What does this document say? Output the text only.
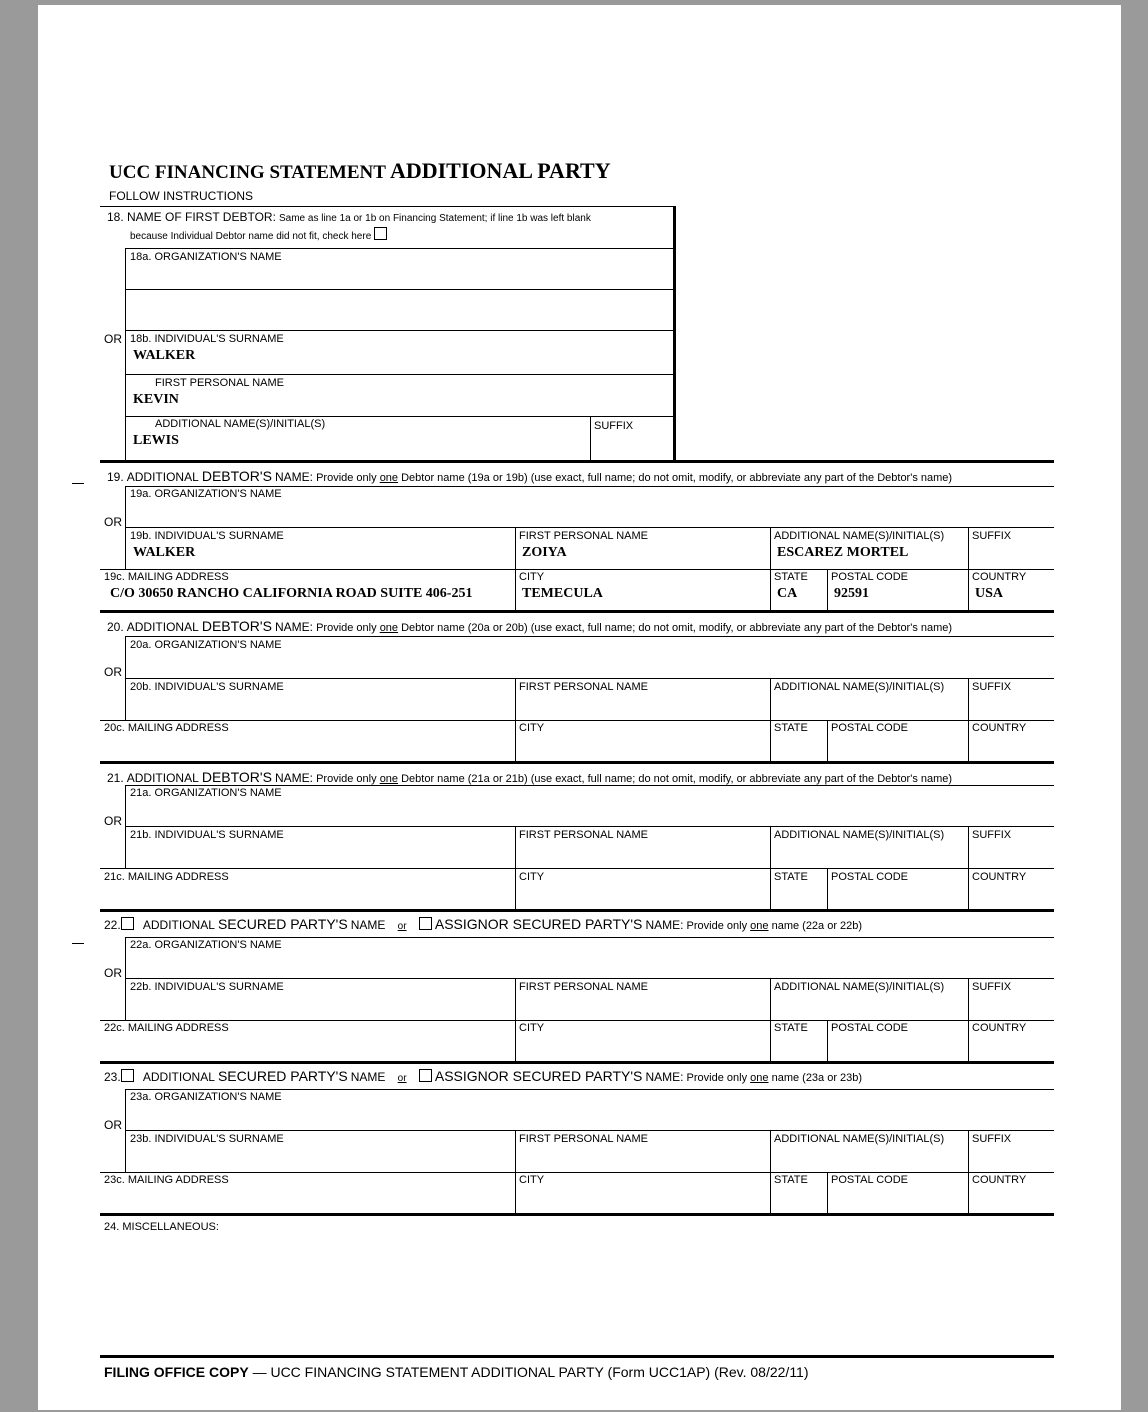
UCC FINANCING STATEMENT ADDITIONAL PARTY
FOLLOW INSTRUCTIONS
18. NAME OF FIRST DEBTOR: Same as line 1a or 1b on Financing Statement; if line 1b was left blank
because Individual Debtor name did not fit, check here
18a. ORGANIZATION'S NAME
OR 18b. INDIVIDUAL'S SURNAME
WALKER
FIRST PERSONAL NAME
KEVIN
ADDITIONAL NAME(S)/INITIAL(S)
LEWIS
SUFFIX
19. ADDITIONAL DEBTOR'S NAME: Provide only one Debtor name (19a or 19b) (use exact, full name; do not omit, modify, or abbreviate any part of the Debtor's name)
19a. ORGANIZATION'S NAME
OR
19b. INDIVIDUAL'S SURNAME	FIRST PERSONAL NAME	ADDITIONAL NAME(S)/INITIAL(S)	SUFFIX
WALKER	ZOIYA	ESCAREZ MORTEL
19c. MAILING ADDRESS	CITY	STATE POSTAL CODE	COUNTRY
C/O 30650 RANCHO CALIFORNIA ROAD SUITE 406-251	TEMECULA	CA	92591	USA
20. ADDITIONAL DEBTOR'S NAME: Provide only one Debtor name (20a or 20b) (use exact, full name; do not omit, modify, or abbreviate any part of the Debtor's name)
20a. ORGANIZATION'S NAME
OR
20b. INDIVIDUAL'S SURNAME	FIRST PERSONAL NAME	ADDITIONAL NAME(S)/INITIAL(S)	SUFFIX
20c. MAILING ADDRESS	CITY	STATE POSTAL CODE	COUNTRY
21. ADDITIONAL DEBTOR'S NAME: Provide only one Debtor name (21a or 21b) (use exact, full name; do not omit, modify, or abbreviate any part of the Debtor's name)
21a. ORGANIZATION'S NAME
OR
21b. INDIVIDUAL'S SURNAME	FIRST PERSONAL NAME	ADDITIONAL NAME(S)/INITIAL(S)	SUFFIX
21c. MAILING ADDRESS	CITY	STATE POSTAL CODE	COUNTRY
22. ADDITIONAL SECURED PARTY'S NAME or ASSIGNOR SECURED PARTY'S NAME: Provide only one name (22a or 22b)
22a. ORGANIZATION'S NAME
OR
22b. INDIVIDUAL'S SURNAME	FIRST PERSONAL NAME	ADDITIONAL NAME(S)/INITIAL(S)	SUFFIX
22c. MAILING ADDRESS	CITY	STATE POSTAL CODE	COUNTRY
23. ADDITIONAL SECURED PARTY'S NAME or ASSIGNOR SECURED PARTY'S NAME: Provide only one name (23a or 23b)
23a. ORGANIZATION'S NAME
OR
23b. INDIVIDUAL'S SURNAME	FIRST PERSONAL NAME	ADDITIONAL NAME(S)/INITIAL(S)	SUFFIX
23c. MAILING ADDRESS	CITY	STATE POSTAL CODE	COUNTRY
24. MISCELLANEOUS:
FILING OFFICE COPY — UCC FINANCING STATEMENT ADDITIONAL PARTY (Form UCC1AP) (Rev. 08/22/11)
